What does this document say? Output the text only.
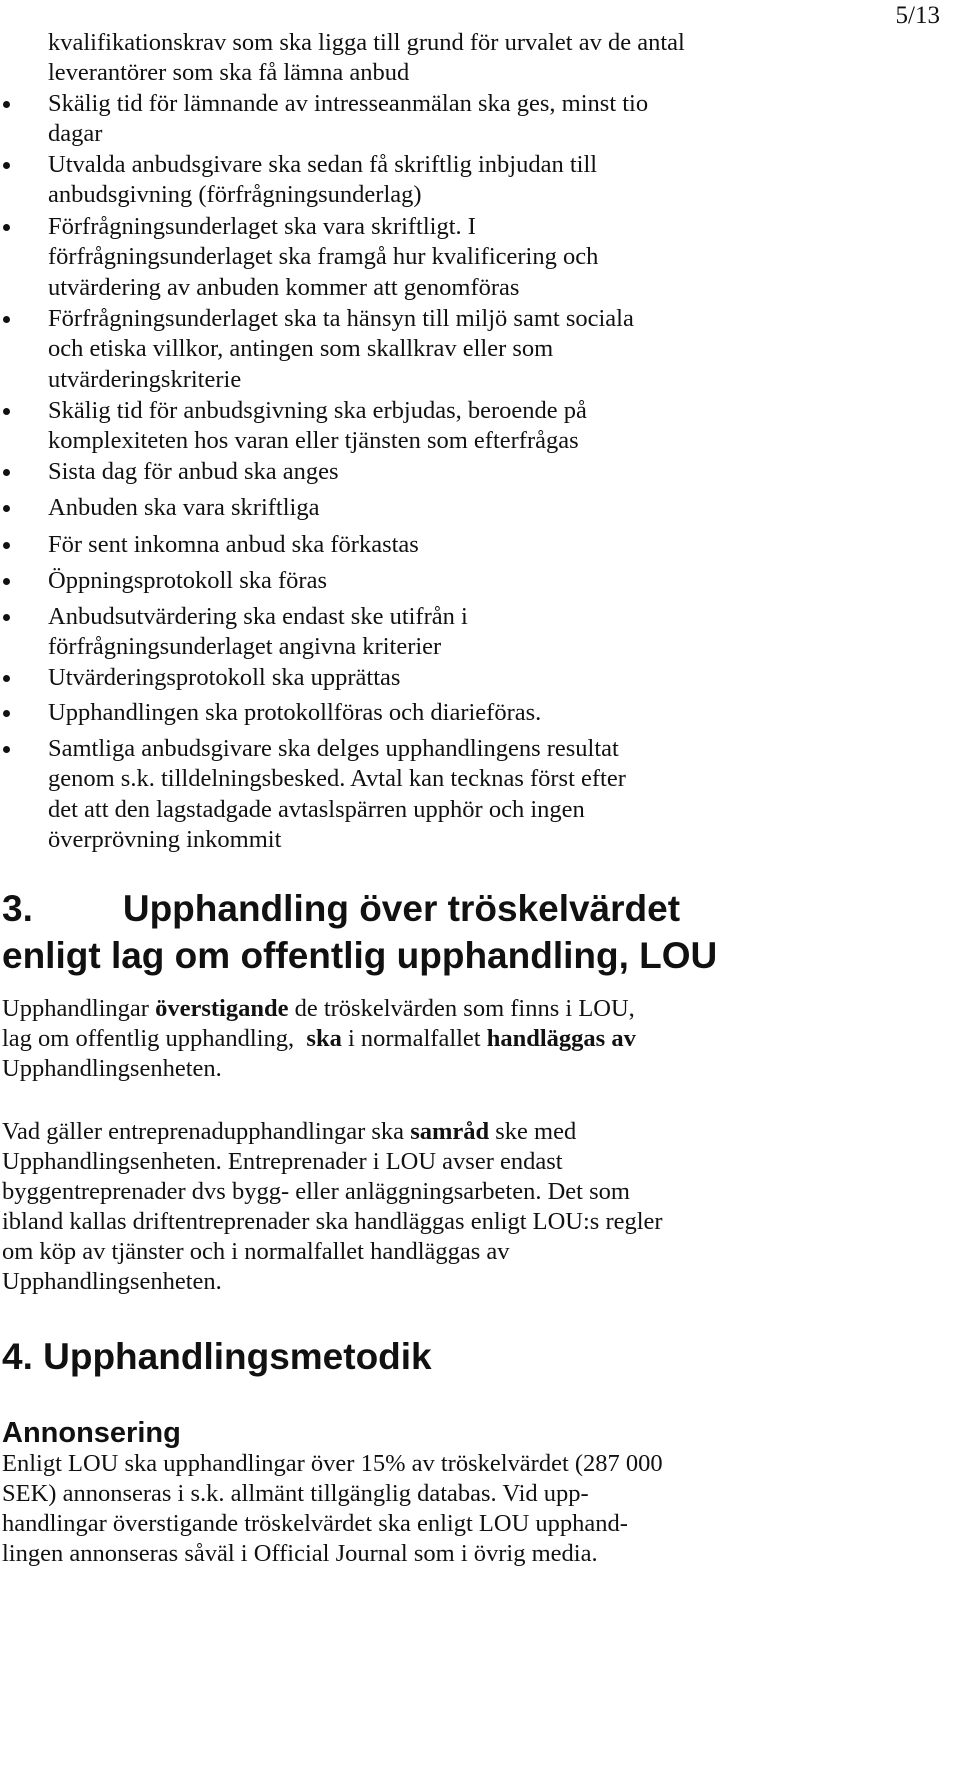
5/13
kvalifikationskrav som ska ligga till grund för urvalet av de antal
leverantörer som ska få lämna anbud
Skälig tid för lämnande av intresseanmälan ska ges, minst tio
dagar
Utvalda anbudsgivare ska sedan få skriftlig inbjudan till
anbudsgivning (förfrågningsunderlag)
Förfrågningsunderlaget ska vara skriftligt. I
förfrågningsunderlaget ska framgå hur kvalificering och
utvärdering av anbuden kommer att genomföras
Förfrågningsunderlaget ska ta hänsyn till miljö samt sociala
och etiska villkor, antingen som skallkrav eller som
utvärderingskriterie
Skälig tid för anbudsgivning ska erbjudas, beroende på
komplexiteten hos varan eller tjänsten som efterfrågas
Sista dag för anbud ska anges
Anbuden ska vara skriftliga
För sent inkomna anbud ska förkastas
Öppningsprotokoll ska föras
Anbudsutvärdering ska endast ske utifrån i
förfrågningsunderlaget angivna kriterier
Utvärderingsprotokoll ska upprättas
Upphandlingen ska protokollföras och diarieföras.
Samtliga anbudsgivare ska delges upphandlingens resultat
genom s.k. tilldelningsbesked. Avtal kan tecknas först efter
det att den lagstadgade avtaslspärren upphör och ingen
överprövning inkommit
3. Upphandling över tröskelvärdet
enligt lag om offentlig upphandling, LOU
Upphandlingar överstigande de tröskelvärden som finns i LOU,
lag om offentlig upphandling,  ska i normalfallet handläggas av
Upphandlingsenheten.
Vad gäller entreprenadupphandlingar ska samråd ske med
Upphandlingsenheten. Entreprenader i LOU avser endast
byggentreprenader dvs bygg- eller anläggningsarbeten. Det som
ibland kallas driftentreprenader ska handläggas enligt LOU:s regler
om köp av tjänster och i normalfallet handläggas av
Upphandlingsenheten.
4. Upphandlingsmetodik
Annonsering
Enligt LOU ska upphandlingar över 15% av tröskelvärdet (287 000
SEK) annonseras i s.k. allmänt tillgänglig databas. Vid upp-
handlingar överstigande tröskelvärdet ska enligt LOU upphand-
lingen annonseras såväl i Official Journal som i övrig media.
